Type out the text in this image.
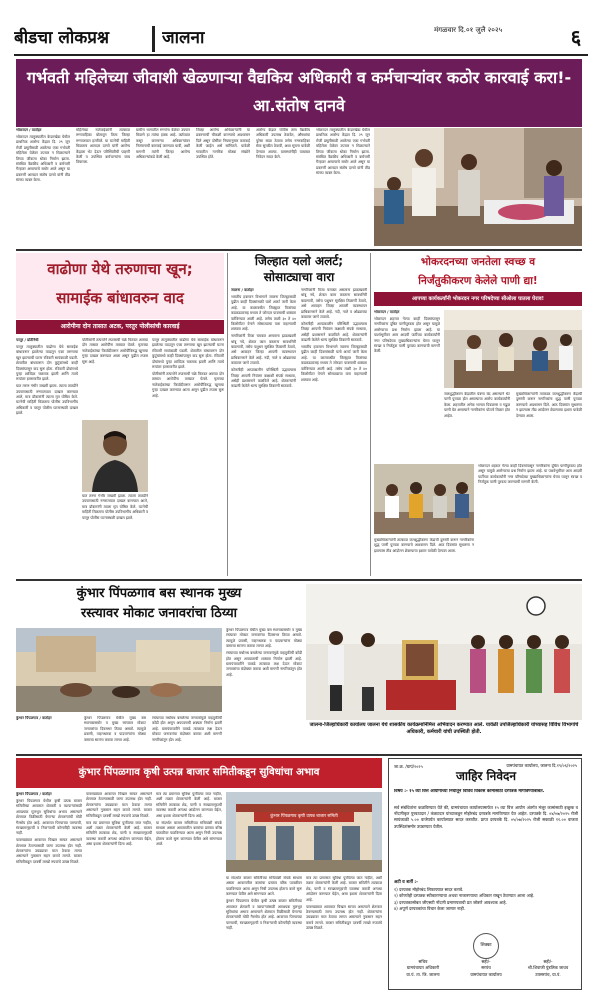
बीडचा लोकप्रश्न	जालना	मंगळवार दि.०१ जुलै २०२५	६
गर्भवती महिलेच्या जीवाशी खेळणाऱ्या वैद्यकिय अधिकारी व कर्मचाऱ्यांवर कठोर कारवाई करा!-आ.संतोष दानवे

भोकरदन / वार्ताहर

भोकरदन तालुक्यातील केदारखेडा येथील प्राथमिक आरोग्य केंद्रात दि. २९ जून रोजी प्रसूतीसाठी आलेल्या एका गर्भवती महिलेला वेळेवर उपचार न मिळाल्याने तिच्या जीवाला धोका निर्माण झाला. संबंधित वैद्यकीय अधिकारी व कर्मचारी गैरहजर असल्याचे समोर आले असून या प्रकरणी आमदार संतोष दानवे यांनी तीव्र संताप व्यक्त केला.

महिलेच्या नातेवाईकांनी तात्काळ रुग्णवाहिका बोलावून तिला जिल्हा रुग्णालयात हलविले. या घटनेची माहिती मिळताच आमदार दानवे यांनी आरोग्य केंद्राला भेट देऊन परिस्थितीची पाहणी केली व उपस्थित कर्मचाऱ्यांना जाब विचारला.

ग्रामीण भागातील रुग्णांना वेळेवर उपचार मिळणे हा त्यांचा हक्क आहे. कर्तव्यात कसूर करणाऱ्या अधिकाऱ्यांवर निलंबनाची कारवाई करण्यात यावी, अशी मागणी त्यांनी जिल्हा आरोग्य अधिकाऱ्यांकडे केली आहे.

जिल्हा आरोग्य अधिकाऱ्यांनी या प्रकरणाची चौकशी करण्याचे आश्वासन दिले असून दोषींवर नियमानुसार कारवाई केली जाईल असे सांगितले. यावेळी गावातील नागरिक मोठ्या संख्येने उपस्थित होते.

आरोग्य केंद्रात चोवीस तास वैद्यकीय अधिकारी उपलब्ध ठेवावेत, औषधांचा पुरेसा साठा ठेवावा तसेच रुग्णवाहिका सेवा सुरळीत ठेवावी, अशा सूचना यावेळी देण्यात आल्या. ग्रामस्थांनीही याबाबत निवेदन सादर केले.

भोकरदन तालुक्यातील केदारखेडा येथील प्राथमिक आरोग्य केंद्रात दि. २९ जून रोजी प्रसूतीसाठी आलेल्या एका गर्भवती महिलेला वेळेवर उपचार न मिळाल्याने तिच्या जीवाला धोका निर्माण झाला. संबंधित वैद्यकीय अधिकारी व कर्मचारी गैरहजर असल्याचे समोर आले असून या प्रकरणी आमदार संतोष दानवे यांनी तीव्र संताप व्यक्त केला.

वाढोणा येथे तरुणाचा खून;
सामाईक बांधावरुन वाद
आरोपीना दोन तासात अटक, परतुर पोलीसांची कारवाई

परतूर / प्रतिनिधी

परतूर तालुक्यातील वाढोणा येथे सामाईक बांधावरून झालेल्या वादातून एका तरुणाचा खून झाल्याची घटना रविवारी सायंकाळी घडली. शेतातील बांधावरून दोन कुटुंबांमध्ये काही दिवसांपासून वाद सुरू होता. रविवारी दोघांमध्ये पुन्हा शाब्दिक चकमक झाली आणि त्याचे रूपांतर हाणामारीत झाले.

यात तरुण गंभीर जखमी झाला. त्याला तातडीने उपचारासाठी रुग्णालयात दाखल करण्यात आले, मात्र डॉक्टरांनी त्याला मृत घोषित केले. घटनेची माहिती मिळताच पोलीस उपविभागीय अधिकारी व परतूर पोलीस घटनास्थळी दाखल झाले.

पोलीसांनी तत्परतेने तपासाची चक्रे फिरवत अवघ्या दोन तासात आरोपींना ताब्यात घेतले. मृताच्या नातेवाईकांच्या फिर्यादीवरून आरोपींविरुद्ध खुनाचा गुन्हा दाखल करण्यात आला असून पुढील तपास सुरू आहे.

यात तरुण गंभीर जखमी झाला. त्याला तातडीने उपचारासाठी रुग्णालयात दाखल करण्यात आले, मात्र डॉक्टरांनी त्याला मृत घोषित केले. घटनेची माहिती मिळताच पोलीस उपविभागीय अधिकारी व परतूर पोलीस घटनास्थळी दाखल झाले.

परतूर तालुक्यातील वाढोणा येथे सामाईक बांधावरून झालेल्या वादातून एका तरुणाचा खून झाल्याची घटना रविवारी सायंकाळी घडली. शेतातील बांधावरून दोन कुटुंबांमध्ये काही दिवसांपासून वाद सुरू होता. रविवारी दोघांमध्ये पुन्हा शाब्दिक चकमक झाली आणि त्याचे रूपांतर हाणामारीत झाले.

पोलीसांनी तत्परतेने तपासाची चक्रे फिरवत अवघ्या दोन तासात आरोपींना ताब्यात घेतले. मृताच्या नातेवाईकांच्या फिर्यादीवरून आरोपींविरुद्ध खुनाचा गुन्हा दाखल करण्यात आला असून पुढील तपास सुरू आहे.

जिल्हात यलो अलर्ट;
सोसाट्याचा वारा

जालना / वार्ताहर

भारतीय हवामान विभागाने जालना जिल्ह्यासाठी पुढील काही दिवसांसाठी यलो अलर्ट जारी केला आहे. या कालावधीत जिल्ह्यात विजांच्या कडकडाटासह मध्यम ते जोरदार पावसाची शक्यता वर्तविण्यात आली आहे. तसेच ताशी ३० ते ४० किलोमीटर वेगाने सोसाट्याचा वारा वाहण्याची शक्यता आहे.

नागरिकांनी विजा चमकत असताना झाडाखाली थांबू नये, शेतात काम करताना सावधगिरी बाळगावी, तसेच पशुधन सुरक्षित ठिकाणी ठेवावे, असे आवाहन जिल्हा आपत्ती व्यवस्थापन प्राधिकरणाने केले आहे. नदी, नाले व ओढ्याच्या काठावर जाणे टाळावे.

कोणतीही आपत्कालीन परिस्थिती उद्भवल्यास जिल्हा आपत्ती नियंत्रण कक्षाशी संपर्क साधावा, असेही प्रशासनाने कळविले आहे. शेतकऱ्यांनी काढणी केलेले धान्य सुरक्षित ठिकाणी साठवावे.

नागरिकांनी विजा चमकत असताना झाडाखाली थांबू नये, शेतात काम करताना सावधगिरी बाळगावी, तसेच पशुधन सुरक्षित ठिकाणी ठेवावे, असे आवाहन जिल्हा आपत्ती व्यवस्थापन प्राधिकरणाने केले आहे. नदी, नाले व ओढ्याच्या काठावर जाणे टाळावे.

कोणतीही आपत्कालीन परिस्थिती उद्भवल्यास जिल्हा आपत्ती नियंत्रण कक्षाशी संपर्क साधावा, असेही प्रशासनाने कळविले आहे. शेतकऱ्यांनी काढणी केलेले धान्य सुरक्षित ठिकाणी साठवावे.

भारतीय हवामान विभागाने जालना जिल्ह्यासाठी पुढील काही दिवसांसाठी यलो अलर्ट जारी केला आहे. या कालावधीत जिल्ह्यात विजांच्या कडकडाटासह मध्यम ते जोरदार पावसाची शक्यता वर्तविण्यात आली आहे. तसेच ताशी ३० ते ४० किलोमीटर वेगाने सोसाट्याचा वारा वाहण्याची शक्यता आहे.

भोकरदनच्या जनतेला स्वच्छ व
निर्जंतुकीकरण केलेले पाणी द्या!
आपच्या कार्यकर्त्यांनी भोकरदन नगर परिषदेच्या सीओला घातला घेराव!

भोकरदन / वार्ताहर

भोकरदन शहरात गेल्या काही दिवसांपासून नागरिकांना दूषित पाणीपुरवठा होत असून यामुळे आरोग्याचा प्रश्न निर्माण झाला आहे. या पार्श्वभूमीवर आम आदमी पार्टीच्या कार्यकर्त्यांनी नगर परिषदेच्या मुख्याधिकाऱ्यांना घेराव घालून स्वच्छ व निर्जंतुक पाणी पुरवठा करण्याची मागणी केली.

जलशुद्धीकरण केंद्रातील यंत्रणा बंद असल्याने थेट पाणी पुरवठा होत असल्याचा आरोप कार्यकर्त्यांनी केला. शहरातील अनेक भागात पिवळसर व गढूळ पाणी येत असल्याने नागरिकांना पोटाचे विकार होत आहेत.

मुख्याधिकाऱ्यांनी तात्काळ जलशुद्धीकरण केंद्राची दुरुस्ती करून नागरिकांना शुद्ध पाणी पुरवठा करण्याचे आश्वासन दिले. आठ दिवसांत सुधारणा न झाल्यास तीव्र आंदोलन छेडण्याचा इशारा यावेळी देण्यात आला.

भोकरदन शहरात गेल्या काही दिवसांपासून नागरिकांना दूषित पाणीपुरवठा होत असून यामुळे आरोग्याचा प्रश्न निर्माण झाला आहे. या पार्श्वभूमीवर आम आदमी पार्टीच्या कार्यकर्त्यांनी नगर परिषदेच्या मुख्याधिकाऱ्यांना घेराव घालून स्वच्छ व निर्जंतुक पाणी पुरवठा करण्याची मागणी केली.

मुख्याधिकाऱ्यांनी तात्काळ जलशुद्धीकरण केंद्राची दुरुस्ती करून नागरिकांना शुद्ध पाणी पुरवठा करण्याचे आश्वासन दिले. आठ दिवसांत सुधारणा न झाल्यास तीव्र आंदोलन छेडण्याचा इशारा यावेळी देण्यात आला.

कुंभार पिंपळगाव बस स्थानक मुख्य
रस्त्यावर मोकाट जनावरांचा ठिय्या

कुंभार पिंपळगाव / वार्ताहर	कुंभार पिंपळगाव येथील मुख्य बस स्थानकासमोर व मुख्य रस्त्यावर मोकाट जनावरांचा दिवसभर ठिय्या असतो. त्यामुळे प्रवासी, वाहनधारक व पादचाऱ्यांना मोठ्या त्रासाचा सामना करावा लागत आहे.

रस्त्याच्या मधोमध बसलेल्या जनावरांमुळे वाहतुकीची कोंडी होत असून अपघाताची शक्यता निर्माण झाली आहे. ग्रामपंचायतीने याकडे तात्काळ लक्ष देऊन मोकाट जनावरांचा बंदोबस्त करावा अशी मागणी नागरिकांतून होत आहे.

कुंभार पिंपळगाव येथील मुख्य बस स्थानकासमोर व मुख्य रस्त्यावर मोकाट जनावरांचा दिवसभर ठिय्या असतो. त्यामुळे प्रवासी, वाहनधारक व पादचाऱ्यांना मोठ्या त्रासाचा सामना करावा लागत आहे.

रस्त्याच्या मधोमध बसलेल्या जनावरांमुळे वाहतुकीची कोंडी होत असून अपघाताची शक्यता निर्माण झाली आहे. ग्रामपंचायतीने याकडे तात्काळ लक्ष देऊन मोकाट जनावरांचा बंदोबस्त करावा अशी मागणी नागरिकांतून होत आहे.

जालना-जिल्हाधिकारी कार्यालय जालना येथे शासकीय कार्यक्रमानिमित्त अभिवादन करण्यात आले. यावेळी उपजिल्हाधिकारी यांच्यासह विविध विभागांचे अधिकारी, कर्मचारी यांची उपस्थिती होती.
कुंभार पिंपळगाव कृषी उत्पन्न बाजार समितीकडून सुविधांचा अभाव

कुंभार पिंपळगाव / वार्ताहर

कुंभार पिंपळगाव येथील कृषी उत्पन्न बाजार समितीच्या आवारात शेतकरी व व्यापाऱ्यांसाठी आवश्यक मूलभूत सुविधांचा अभाव असल्याने शेतमाल विक्रीसाठी येणाऱ्या शेतकऱ्यांची मोठी गैरसोय होत आहे. आवारात पिण्याच्या पाण्याची, स्वच्छतागृहाची व निवाऱ्याची कोणतीही व्यवस्था नाही.

पावसाळ्यात आवारात चिखल साचत असल्याने शेतमाल ठेवण्यासाठी जागा उपलब्ध होत नाही. शेतकऱ्यांना उघड्यावर माल ठेवावा लागत असल्याने नुकसान सहन करावे लागते. बाजार समितीकडून दरवर्षी लाखो रुपयांचे उत्पन्न मिळते.

पावसाळ्यात आवारात चिखल साचत असल्याने शेतमाल ठेवण्यासाठी जागा उपलब्ध होत नाही. शेतकऱ्यांना उघड्यावर माल ठेवावा लागत असल्याने नुकसान सहन करावे लागते. बाजार समितीकडून दरवर्षी लाखो रुपयांचे उत्पन्न मिळते.

मात्र त्या प्रमाणात सुविधा पुरविल्या जात नाहीत, अशी तक्रार शेतकऱ्यांनी केली आहे. बाजार समितीने तात्काळ शेड, पाणी व स्वच्छतागृहाची व्यवस्था करावी अन्यथा आंदोलन करण्यात येईल, असा इशारा शेतकऱ्यांनी दिला आहे.

मात्र त्या प्रमाणात सुविधा पुरविल्या जात नाहीत, अशी तक्रार शेतकऱ्यांनी केली आहे. बाजार समितीने तात्काळ शेड, पाणी व स्वच्छतागृहाची व्यवस्था करावी अन्यथा आंदोलन करण्यात येईल, असा इशारा शेतकऱ्यांनी दिला आहे.

या संदर्भात बाजार समितीच्या सचिवांशी संपर्क साधला असता आवारातील कामांचा प्रस्ताव वरिष्ठ पातळीवर पाठविण्यात आला असून निधी उपलब्ध होताच कामे सुरू करण्यात येतील असे सांगण्यात आले.

कुंभार पिंपळगाव कृषी उत्पन्न बाजार समिती

या संदर्भात बाजार समितीच्या सचिवांशी संपर्क साधला असता आवारातील कामांचा प्रस्ताव वरिष्ठ पातळीवर पाठविण्यात आला असून निधी उपलब्ध होताच कामे सुरू करण्यात येतील असे सांगण्यात आले.

कुंभार पिंपळगाव येथील कृषी उत्पन्न बाजार समितीच्या आवारात शेतकरी व व्यापाऱ्यांसाठी आवश्यक मूलभूत सुविधांचा अभाव असल्याने शेतमाल विक्रीसाठी येणाऱ्या शेतकऱ्यांची मोठी गैरसोय होत आहे. आवारात पिण्याच्या पाण्याची, स्वच्छतागृहाची व निवाऱ्याची कोणतीही व्यवस्था नाही.

मात्र त्या प्रमाणात सुविधा पुरविल्या जात नाहीत, अशी तक्रार शेतकऱ्यांनी केली आहे. बाजार समितीने तात्काळ शेड, पाणी व स्वच्छतागृहाची व्यवस्था करावी अन्यथा आंदोलन करण्यात येईल, असा इशारा शेतकऱ्यांनी दिला आहे.

पावसाळ्यात आवारात चिखल साचत असल्याने शेतमाल ठेवण्यासाठी जागा उपलब्ध होत नाही. शेतकऱ्यांना उघड्यावर माल ठेवावा लागत असल्याने नुकसान सहन करावे लागते. बाजार समितीकडून दरवर्षी लाखो रुपयांचे उत्पन्न मिळते.

जा.क्र. /ग्रापं/२०२५	ग्रामपंचायत कार्यालय, जालना दि.१९/०६/२०२५
जाहिर निवेदन
विषय :- १५ व्या वित्त आयोगाच्या निधीतून विविध विकास कामांसाठी दरपत्रके मागविण्याबाबत.
सर्व संबंधितांना कळविण्यात येते की, ग्रामपंचायत कार्यालयामार्फत १५ व्या वित्त आयोग अंतर्गत मंजूर कामांसाठी इच्छुक व नोंदणीकृत पुरवठादार / कंत्राटदार यांच्याकडून मोहोरबंद दरपत्रके मागविण्यात येत आहेत. दरपत्रके दि. ०४/०७/२०२५ रोजी सायंकाळी ५.०० वाजेपर्यंत कार्यालयात सादर करावीत. प्राप्त दरपत्रके दि. ०५/०७/२०२५ रोजी सकाळी ११.०० वाजता उपस्थितांसमोर उघडण्यात येतील.
अटी व शर्ती :-
१) दरपत्रक मोहोरबंद लिफाफ्यात सादर करावे.
२) कोणतेही दरपत्रक स्वीकारण्याचा अथवा नाकारण्याचा अधिकार राखून ठेवण्यात आला आहे.
३) दरपत्रकासोबत जीएसटी नोंदणी प्रमाणपत्राची प्रत जोडणे आवश्यक आहे.
४) अपूर्ण दरपत्रकांचा विचार केला जाणार नाही.
शिक्का
सचिव
ग्रामपंचायत अधिकारी
ग्रा.पं. ता. जि. जालना
सही/-
सरपंच
ग्रामपंचायत कार्यालय
सही/-
श्री.शिवाजी पुंडलिक जाधव
उपसरपंच, ग्रा.पं.
